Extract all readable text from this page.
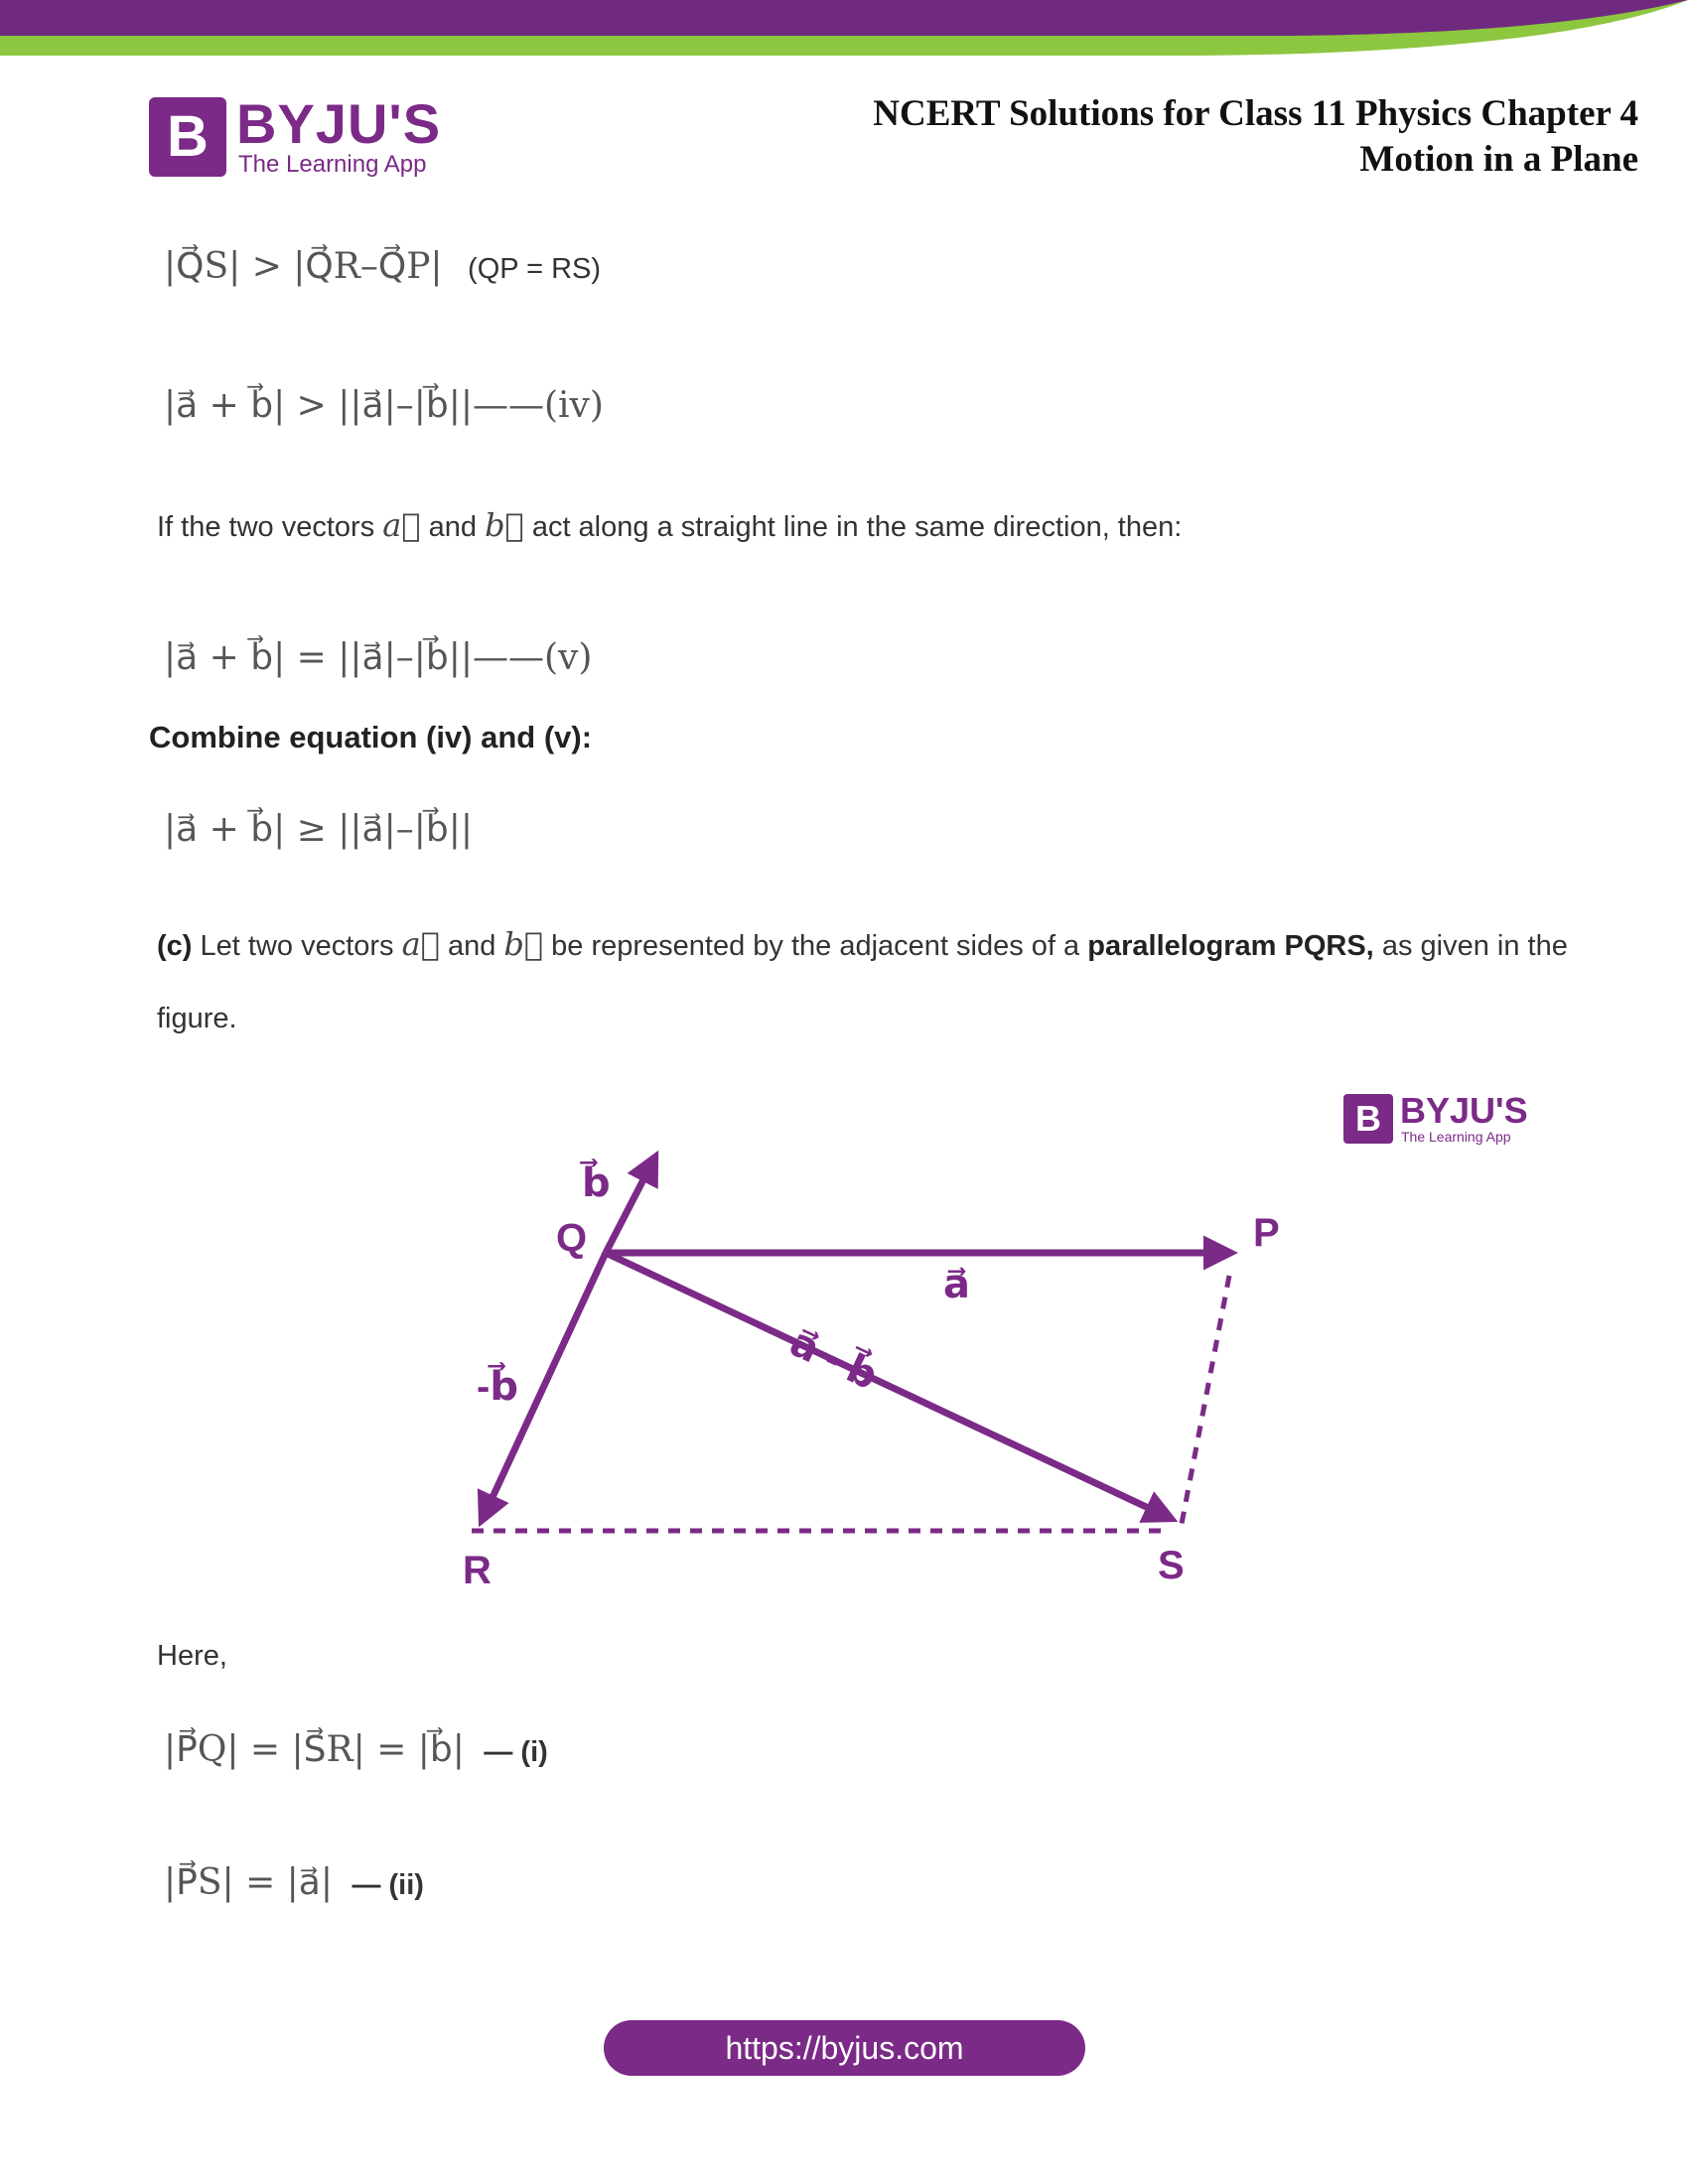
B BYJU'S
The Learning App
NCERT Solutions for Class 11 Physics Chapter 4
Motion in a Plane
|Q⃗S| > |Q⃗R–Q⃗P| (QP = RS)
|a⃗ + b⃗| > ||a⃗|–|b⃗||——(iv)
If the two vectors a⃗ and b⃗ act along a straight line in the same direction, then:
|a⃗ + b⃗| = ||a⃗|–|b⃗||——(v)
Combine equation (iv) and (v):
|a⃗ + b⃗| ≥ ||a⃗|–|b⃗||
(c) Let two vectors a⃗ and b⃗ be represented by the adjacent sides of a parallelogram PQRS, as given in the
figure.
Q	P
R	S
b⃗
a⃗
-b⃗	a⃗ - b⃗
B BYJU'S
The Learning App
Here,
|P⃗Q| = |S⃗R| = |b⃗| — (i)
|P⃗S| = |a⃗| — (ii)
https://byjus.com
